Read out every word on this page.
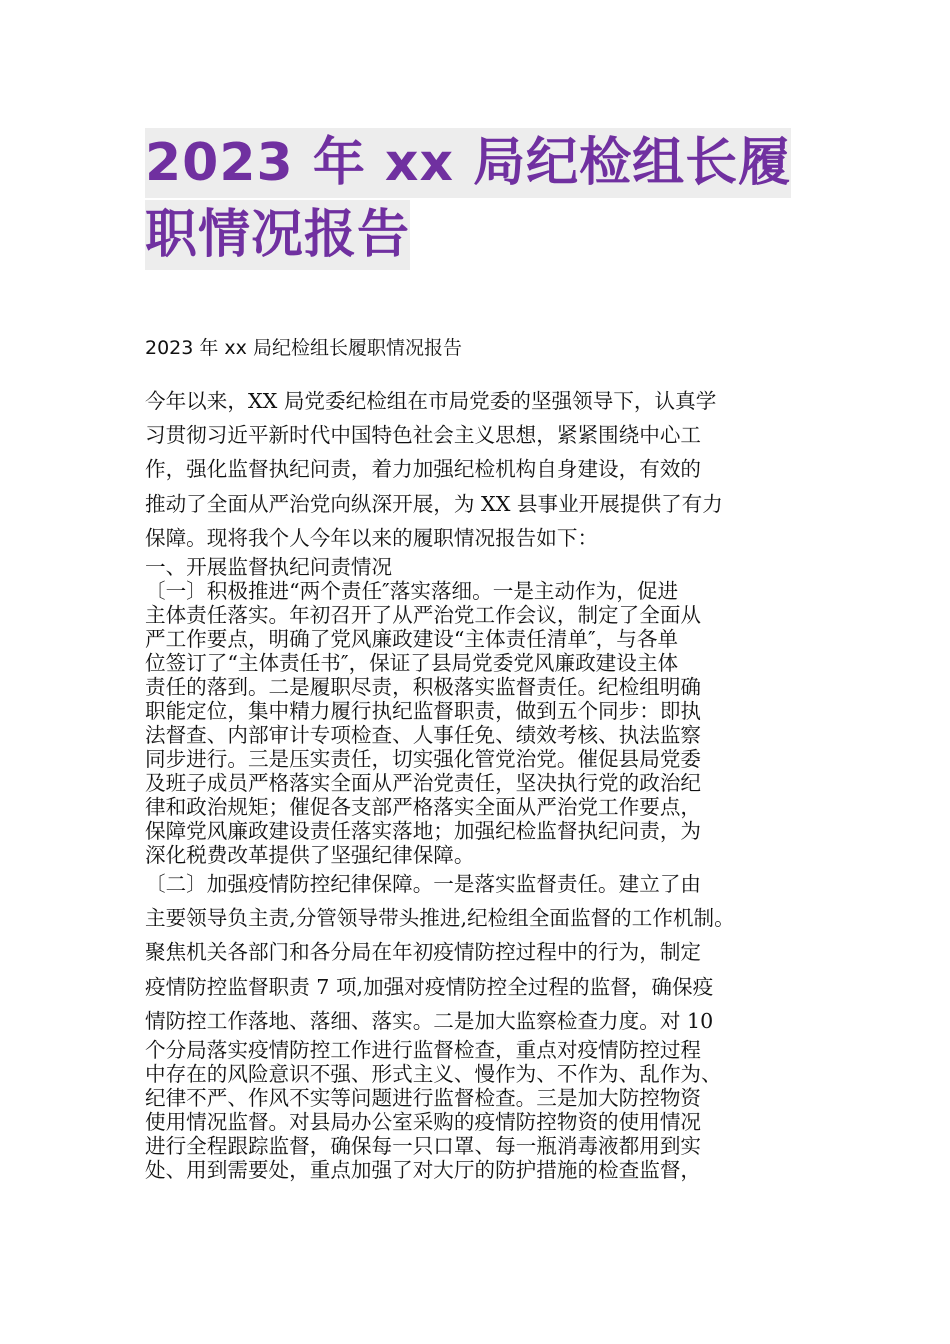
2023 年 xx 局纪检组长履
职情况报告
2023 年 xx 局纪检组长履职情况报告
今年以来，XX 局党委纪检组在市局党委的坚强领导下，认真学
习贯彻习近平新时代中国特色社会主义思想，紧紧围绕中心工
作，强化监督执纪问责，着力加强纪检机构自身建设，有效的
推动了全面从严治党向纵深开展，为 XX 县事业开展提供了有力
保障。现将我个人今年以来的履职情况报告如下：
一、开展监督执纪问责情况
〔一〕积极推进“两个责任″落实落细。一是主动作为，促进
主体责任落实。年初召开了从严治党工作会议，制定了全面从
严工作要点，明确了党风廉政建设“主体责任清单″，与各单
位签订了“主体责任书″，保证了县局党委党风廉政建设主体
责任的落到。二是履职尽责，积极落实监督责任。纪检组明确
职能定位，集中精力履行执纪监督职责，做到五个同步：即执
法督查、内部审计专项检查、人事任免、绩效考核、执法监察
同步进行。三是压实责任，切实强化管党治党。催促县局党委
及班子成员严格落实全面从严治党责任，坚决执行党的政治纪
律和政治规矩；催促各支部严格落实全面从严治党工作要点，
保障党风廉政建设责任落实落地；加强纪检监督执纪问责，为
深化税费改革提供了坚强纪律保障。
〔二〕加强疫情防控纪律保障。一是落实监督责任。建立了由
主要领导负主责,分管领导带头推进,纪检组全面监督的工作机制。
聚焦机关各部门和各分局在年初疫情防控过程中的行为，制定
疫情防控监督职责 7 项,加强对疫情防控全过程的监督，确保疫
情防控工作落地、落细、落实。二是加大监察检查力度。对 10
个分局落实疫情防控工作进行监督检查，重点对疫情防控过程
中存在的风险意识不强、形式主义、慢作为、不作为、乱作为、
纪律不严、作风不实等问题进行监督检查。三是加大防控物资
使用情况监督。对县局办公室采购的疫情防控物资的使用情况
进行全程跟踪监督，确保每一只口罩、每一瓶消毒液都用到实
处、用到需要处，重点加强了对大厅的防护措施的检查监督，
